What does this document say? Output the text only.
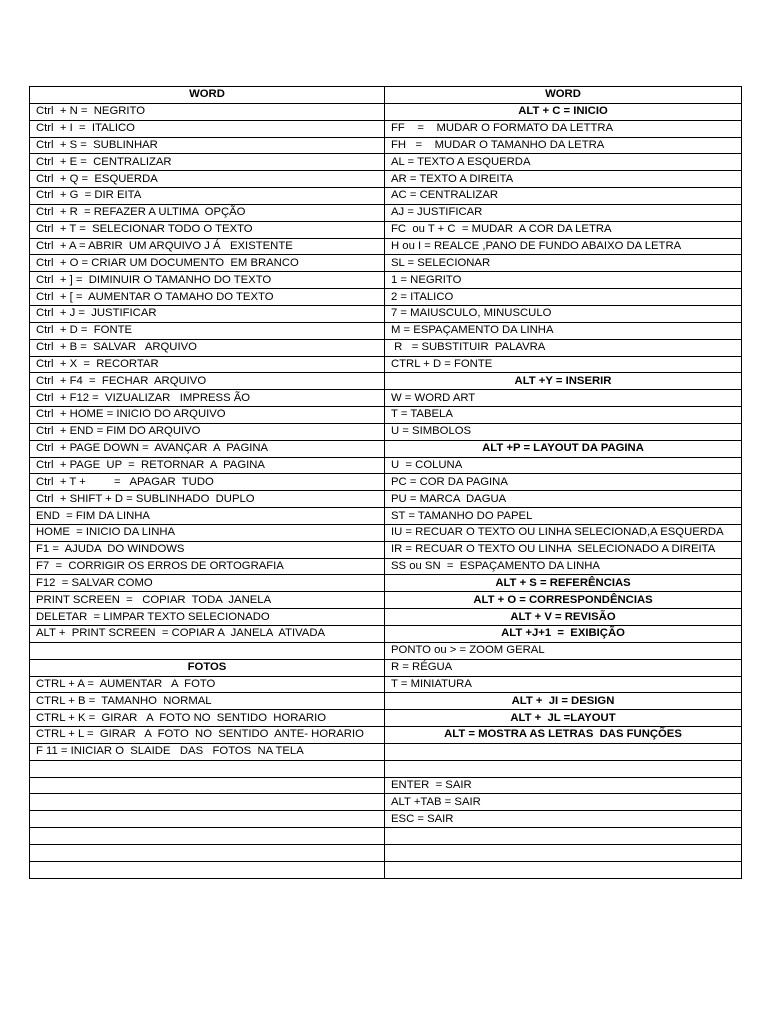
WORD	WORD
Ctrl  + N =  NEGRITO	ALT + C = INICIO
Ctrl  + I  =  ITALICO	FF    =    MUDAR O FORMATO DA LETTRA
Ctrl  + S =  SUBLINHAR	FH   =    MUDAR O TAMANHO DA LETRA
Ctrl  + E =  CENTRALIZAR	AL = TEXTO A ESQUERDA
Ctrl  + Q =  ESQUERDA	AR = TEXTO A DIREITA
Ctrl  + G  = DIR EITA	AC = CENTRALIZAR
Ctrl  + R  = REFAZER A ULTIMA  OPÇÃO	AJ = JUSTIFICAR
Ctrl  + T =  SELECIONAR TODO O TEXTO	FC  ou T + C  = MUDAR  A COR DA LETRA
Ctrl  + A = ABRIR  UM ARQUIVO J Á   EXISTENTE	H ou I = REALCE ,PANO DE FUNDO ABAIXO DA LETRA
Ctrl  + O = CRIAR UM DOCUMENTO  EM BRANCO	SL = SELECIONAR
Ctrl  + ] =  DIMINUIR O TAMANHO DO TEXTO	1 = NEGRITO
Ctrl  + [ =  AUMENTAR O TAMAHO DO TEXTO	2 = ITALICO
Ctrl  + J =  JUSTIFICAR	7 = MAIUSCULO, MINUSCULO
Ctrl  + D =  FONTE	M = ESPAÇAMENTO DA LINHA
Ctrl  + B =  SALVAR   ARQUIVO	R   = SUBSTITUIR  PALAVRA
Ctrl  + X  =  RECORTAR	CTRL + D = FONTE
Ctrl  + F4  =  FECHAR  ARQUIVO	ALT +Y = INSERIR
Ctrl  + F12 =  VIZUALIZAR   IMPRESS ÃO	W = WORD ART
Ctrl  + HOME = INICIO DO ARQUIVO	T = TABELA
Ctrl  + END = FIM DO ARQUIVO	U = SIMBOLOS
Ctrl  + PAGE DOWN =  AVANÇAR  A  PAGINA	ALT +P = LAYOUT DA PAGINA
Ctrl  + PAGE  UP  =  RETORNAR  A  PAGINA	U  = COLUNA
Ctrl  + T +         =   APAGAR  TUDO	PC = COR DA PAGINA
Ctrl  + SHIFT + D = SUBLINHADO  DUPLO	PU = MARCA  DAGUA
END  = FIM DA LINHA	ST = TAMANHO DO PAPEL
HOME  = INICIO DA LINHA	IU = RECUAR O TEXTO OU LINHA SELECIONAD,A ESQUERDA
F1 =  AJUDA  DO WINDOWS	IR = RECUAR O TEXTO OU LINHA  SELECIONADO A DIREITA
F7  =  CORRIGIR OS ERROS DE ORTOGRAFIA	SS ou SN  =  ESPAÇAMENTO DA LINHA
F12  = SALVAR COMO	ALT + S = REFERÊNCIAS
PRINT SCREEN  =   COPIAR  TODA  JANELA	ALT + O = CORRESPONDÊNCIAS
DELETAR  = LIMPAR TEXTO SELECIONADO	ALT + V = REVISÃO
ALT +  PRINT SCREEN  = COPIAR A  JANELA  ATIVADA	ALT +J+1  =  EXIBIÇÃO
	PONTO ou > = ZOOM GERAL
FOTOS	R = RÉGUA
CTRL + A =  AUMENTAR   A  FOTO	T = MINIATURA
CTRL + B =  TAMANHO  NORMAL	ALT +  JI = DESIGN
CTRL + K =  GIRAR   A  FOTO NO  SENTIDO  HORARIO	ALT +  JL =LAYOUT
CTRL + L =  GIRAR   A  FOTO  NO  SENTIDO  ANTE- HORARIO	ALT = MOSTRA AS LETRAS  DAS FUNÇÕES
F 11 = INICIAR O  SLAIDE   DAS   FOTOS  NA TELA	

	ENTER  = SAIR
	ALT +TAB = SAIR
	ESC = SAIR
